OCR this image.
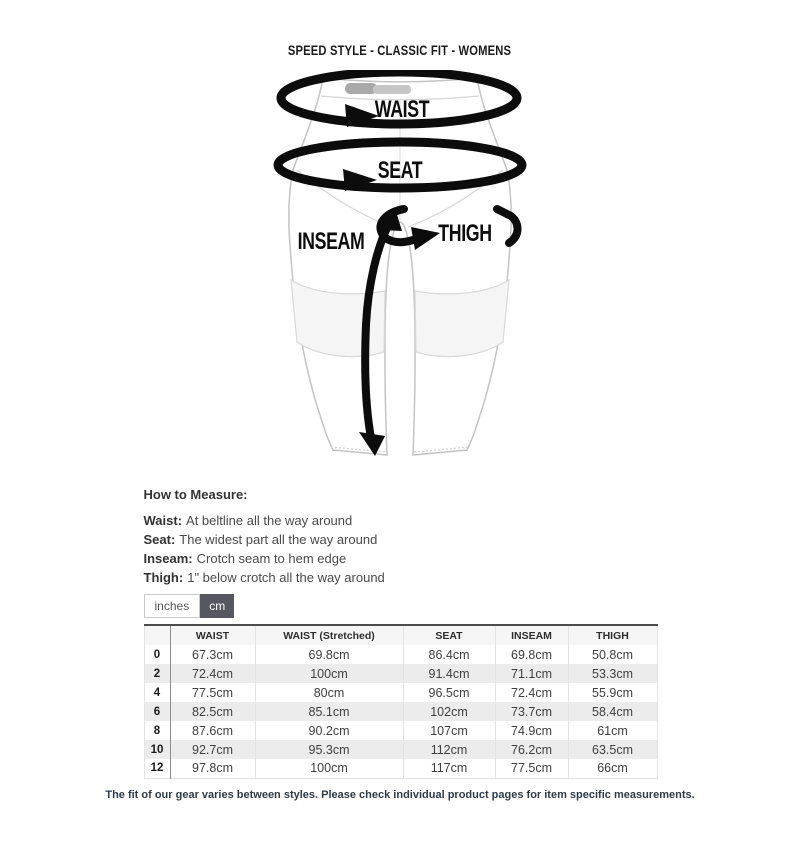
SPEED STYLE - CLASSIC FIT - WOMENS
WAIST
SEAT
INSEAM	THIGH
How to Measure:
Waist: At beltline all the way around
Seat: The widest part all the way around
Inseam: Crotch seam to hem edge
Thigh: 1" below crotch all the way around
inches	cm
	WAIST	WAIST (Stretched)	SEAT	INSEAM	THIGH
0	67.3cm	69.8cm	86.4cm	69.8cm	50.8cm
2	72.4cm	100cm	91.4cm	71.1cm	53.3cm
4	77.5cm	80cm	96.5cm	72.4cm	55.9cm
6	82.5cm	85.1cm	102cm	73.7cm	58.4cm
8	87.6cm	90.2cm	107cm	74.9cm	61cm
10	92.7cm	95.3cm	112cm	76.2cm	63.5cm
12	97.8cm	100cm	117cm	77.5cm	66cm
The fit of our gear varies between styles. Please check individual product pages for item specific measurements.
